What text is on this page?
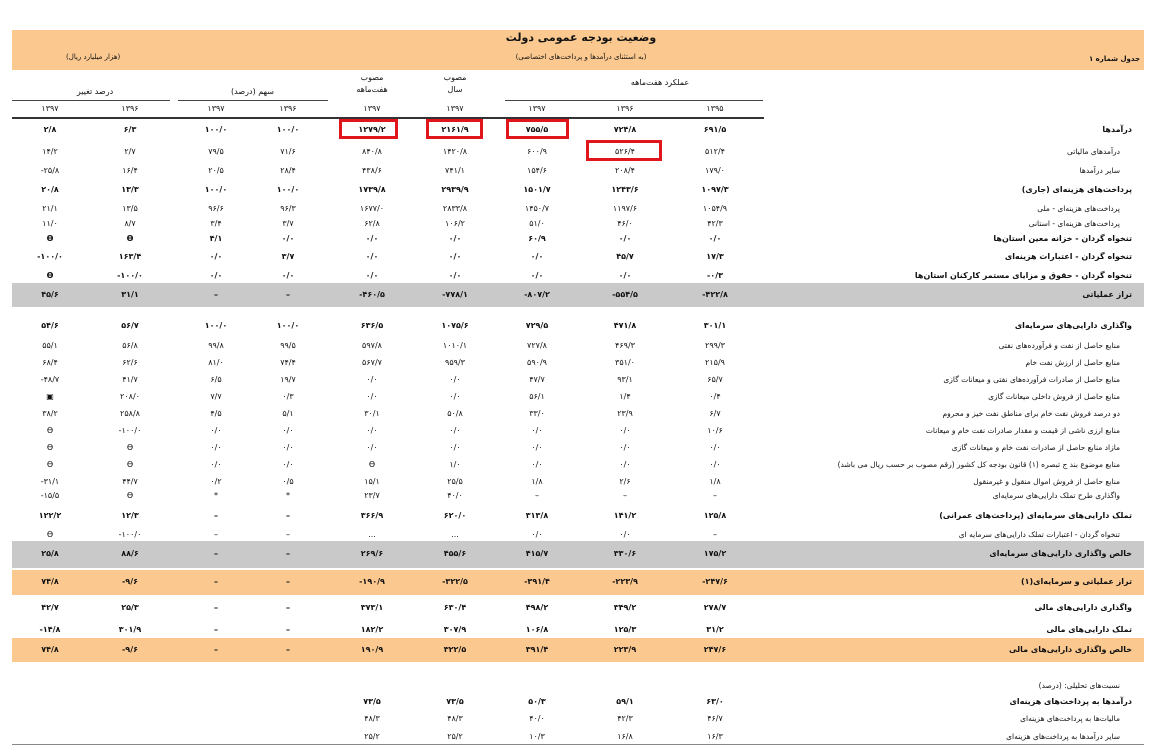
وضعیت بودجه عمومی دولت
(به استثنای درآمدها و پرداخت‌های اختصاصی)	جدول شماره ۱
(هزار میلیارد ریال)
عملکرد هفت‌ماهه
مصوب
سال
مصوب
هفت‌ماهه
سهم (درصد)
درصد تغییر
۱۳۹۵
۱۳۹۶
۱۳۹۷
۱۳۹۷
۱۳۹۷
۱۳۹۶
۱۳۹۷
۱۳۹۶
۱۳۹۷
درآمدها
۶۹۱/۵
۷۲۴/۸
۷۵۵/۵
۲۱۶۱/۹
۱۲۷۹/۲
۱۰۰/۰
۱۰۰/۰
۶/۳
۲/۸
درآمدهای مالیاتی
۵۱۲/۴
۵۲۶/۴
۶۰۰/۹
۱۴۲۰/۸
۸۴۰/۸
۷۱/۶
۷۹/۵
۲/۷
۱۴/۲
سایر درآمدها
۱۷۹/۰
۲۰۸/۴
۱۵۴/۶
۷۴۱/۱
۴۳۸/۶
۲۸/۴
۲۰/۵
۱۶/۴
-۲۵/۸
پرداخت‌های هزینه‌ای (جاری)
۱۰۹۷/۳
۱۲۴۳/۶
۱۵۰۱/۷
۲۹۳۹/۹
۱۷۳۹/۸
۱۰۰/۰
۱۰۰/۰
۱۳/۳
۲۰/۸
پرداخت‌های هزینه‌ای - ملی
۱۰۵۴/۹
۱۱۹۷/۶
۱۴۵۰/۷
۲۸۳۳/۸
۱۶۷۷/۰
۹۶/۳
۹۶/۶
۱۳/۵
۲۱/۱
پرداخت‌های هزینه‌ای - استانی
۴۲/۳
۴۶/۰
۵۱/۰
۱۰۶/۲
۶۲/۸
۳/۷
۳/۴
۸/۷
۱۱/۰
تنخواه گردان - خزانه معین استان‌ها
۰/۰
۰/۰
۶۰/۹
۰/۰
۰/۰
۰/۰
۴/۱
ϴ
ϴ
تنخواه گردان - اعتبارات هزینه‌ای
۱۷/۳
۴۵/۷
۰/۰
۰/۰
۰/۰
۳/۷
۰/۰
۱۶۳/۴
-۱۰۰/۰
تنخواه گردان - حقوق و مزایای مستمر کارکنان استان‌ها
-۰/۳
۰/۰
۰/۰
۰/۰
۰/۰
۰/۰
۰/۰
-۱۰۰/۰
ϴ
تراز عملیاتی
-۴۲۲/۸
-۵۵۴/۵
-۸۰۷/۲
-۷۷۸/۱
-۴۶۰/۵
–
–
۳۱/۱
۴۵/۶
واگذاری دارایی‌های سرمایه‌ای
۳۰۱/۱
۴۷۱/۸
۷۲۹/۵
۱۰۷۵/۶
۶۳۶/۵
۱۰۰/۰
۱۰۰/۰
۵۶/۷
۵۴/۶
منابع حاصل از نفت و فرآورده‌های نفتی
۲۹۹/۳
۴۶۹/۳
۷۲۷/۸
۱۰۱۰/۱
۵۹۷/۸
۹۹/۵
۹۹/۸
۵۶/۸
۵۵/۱
منابع حاصل از ارزش نفت خام
۲۱۵/۹
۳۵۱/۰
۵۹۰/۹
۹۵۹/۳
۵۶۷/۷
۷۴/۴
۸۱/۰
۶۲/۶
۶۸/۴
منابع حاصل از صادرات فرآورده‌های نفتی و میعانات گازی
۶۵/۷
۹۳/۱
۴۷/۷
۰/۰
۰/۰
۱۹/۷
۶/۵
۴۱/۷
-۴۸/۷
منابع حاصل از فروش داخلی میعانات گازی
۰/۴
۱/۴
۵۶/۱
۰/۰
۰/۰
۰/۳
۷/۷
۲۰۸/۰
▣
دو درصد فروش نفت خام برای مناطق نفت خیز و محروم
۶/۷
۲۳/۹
۳۳/۰
۵۰/۸
۳۰/۱
۵/۱
۴/۵
۲۵۸/۸
۳۸/۲
منابع ارزی ناشی از قیمت و مقدار صادرات نفت خام و میعانات
۱۰/۶
۰/۰
۰/۰
۰/۰
۰/۰
۰/۰
۰/۰
-۱۰۰/۰
ϴ
مازاد منابع حاصل از صادرات نفت خام و میعانات گازی
۰/۰
۰/۰
۰/۰
۰/۰
۰/۰
۰/۰
۰/۰
ϴ
ϴ
منابع موضوع بند ج تبصره (۱) قانون بودجه کل کشور (رقم مصوب بر حسب ریال می باشد)
۰/۰
۰/۰
۰/۰
۱/۰
ϴ
۰/۰
۰/۰
ϴ
ϴ
منابع حاصل از فروش اموال منقول و غیرمنقول
۱/۸
۲/۶
۱/۸
۲۵/۵
۱۵/۱
۰/۵
۰/۲
۴۴/۷
-۳۱/۱
واگذاری طرح تملک دارایی‌های سرمایه‌ای
–
–
–
۴۰/۰
۲۳/۷
*
*
ϴ
-۱۵/۵
تملک دارایی‌های سرمایه‌ای (پرداخت‌های عمرانی)
۱۲۵/۸
۱۴۱/۲
۳۱۳/۸
۶۲۰/۰
۳۶۶/۹
–
–
۱۲/۳
۱۲۲/۲
تنخواه گردان - اعتبارات تملک دارایی‌های سرمایه ای
–
۰/۰
۰/۰
...
...
–
–
-۱۰۰/۰
ϴ
خالص واگذاری دارایی‌های سرمایه‌ای
۱۷۵/۲
۳۳۰/۶
۴۱۵/۷
۴۵۵/۶
۲۶۹/۶
–
–
۸۸/۶
۲۵/۸
تراز عملیاتی و سرمایه‌ای(۱)
-۲۴۷/۶
-۲۲۳/۹
-۳۹۱/۴
-۳۲۲/۵
-۱۹۰/۹
–
–
-۹/۶
۷۴/۸
واگذاری دارایی‌های مالی
۲۷۸/۷
۳۴۹/۲
۴۹۸/۲
۶۳۰/۴
۳۷۳/۱
–
–
۲۵/۳
۴۲/۷
تملک دارایی‌های مالی
۳۱/۲
۱۲۵/۳
۱۰۶/۸
۳۰۷/۹
۱۸۲/۲
–
–
۳۰۱/۹
-۱۴/۸
خالص واگذاری دارایی‌های مالی
۲۴۷/۶
۲۲۳/۹
۳۹۱/۴
۳۲۲/۵
۱۹۰/۹
–
–
-۹/۶
۷۴/۸
نسبت‌های تحلیلی: (درصد)
درآمدها به پرداخت‌های هزینه‌ای
۶۳/۰
۵۹/۱
۵۰/۳
۷۳/۵
۷۳/۵
مالیات‌ها به پرداخت‌های هزینه‌ای
۴۶/۷
۴۲/۳
۴۰/۰
۴۸/۳
۴۸/۳
سایر درآمدها به پرداخت‌های هزینه‌ای
۱۶/۳
۱۶/۸
۱۰/۳
۲۵/۲
۲۵/۲
